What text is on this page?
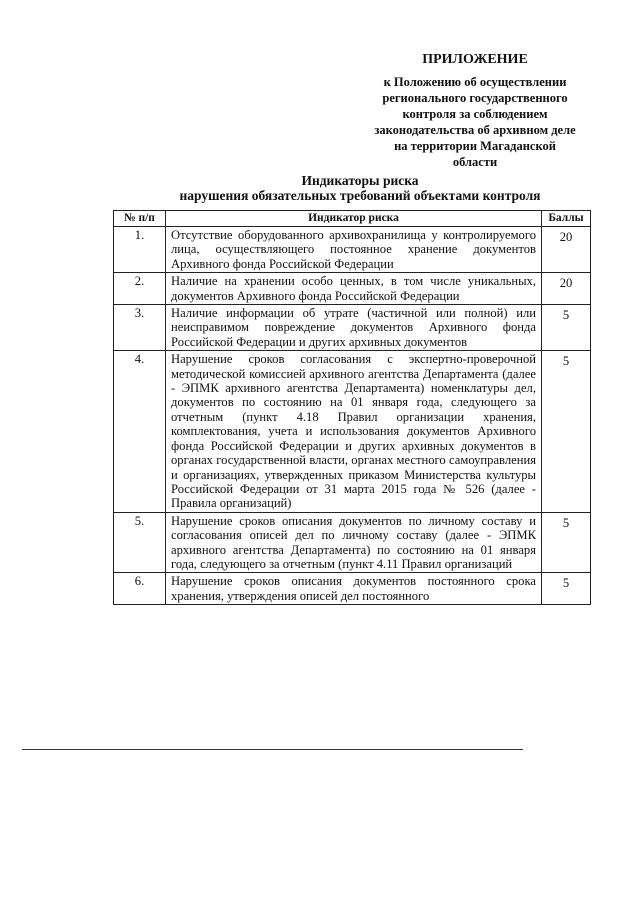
ПРИЛОЖЕНИЕ
к Положению об осуществлении
регионального государственного
контроля за соблюдением
законодательства об архивном деле
на территории Магаданской
области
Индикаторы риска
нарушения обязательных требований объектами контроля
№ п/п	Индикатор риска	Баллы
1.	Отсутствие оборудованного архивохранилища у контролируемого лица, осуществляющего постоянное хранение документов Архивного фонда Российской Федерации	20
2.	Наличие на хранении особо ценных, в том числе уникальных, документов Архивного фонда Российской Федерации	20
3.	Наличие информации об утрате (частичной или полной) или неисправимом повреждение документов Архивного фонда Российской Федерации и других архивных документов	5
4.	Нарушение сроков согласования с экспертно-проверочной методической комиссией архивного агентства Департамента (далее - ЭПМК архивного агентства Департамента) номенклатуры дел, документов по состоянию на 01 января года, следующего за отчетным (пункт 4.18 Правил организации хранения, комплектования, учета и использования документов Архивного фонда Российской Федерации и других архивных документов в органах государственной власти, органах местного самоуправления и организациях, утвержденных приказом Министерства культуры Российской Федерации от 31 марта 2015 года № 526 (далее - Правила организаций)	5
5.	Нарушение сроков описания документов по личному составу и согласования описей дел по личному составу (далее - ЭПМК архивного агентства Департамента) по состоянию на 01 января года, следующего за отчетным (пункт 4.11 Правил организаций	5
6.	Нарушение сроков описания документов постоянного срока хранения, утверждения описей дел постоянного	5
